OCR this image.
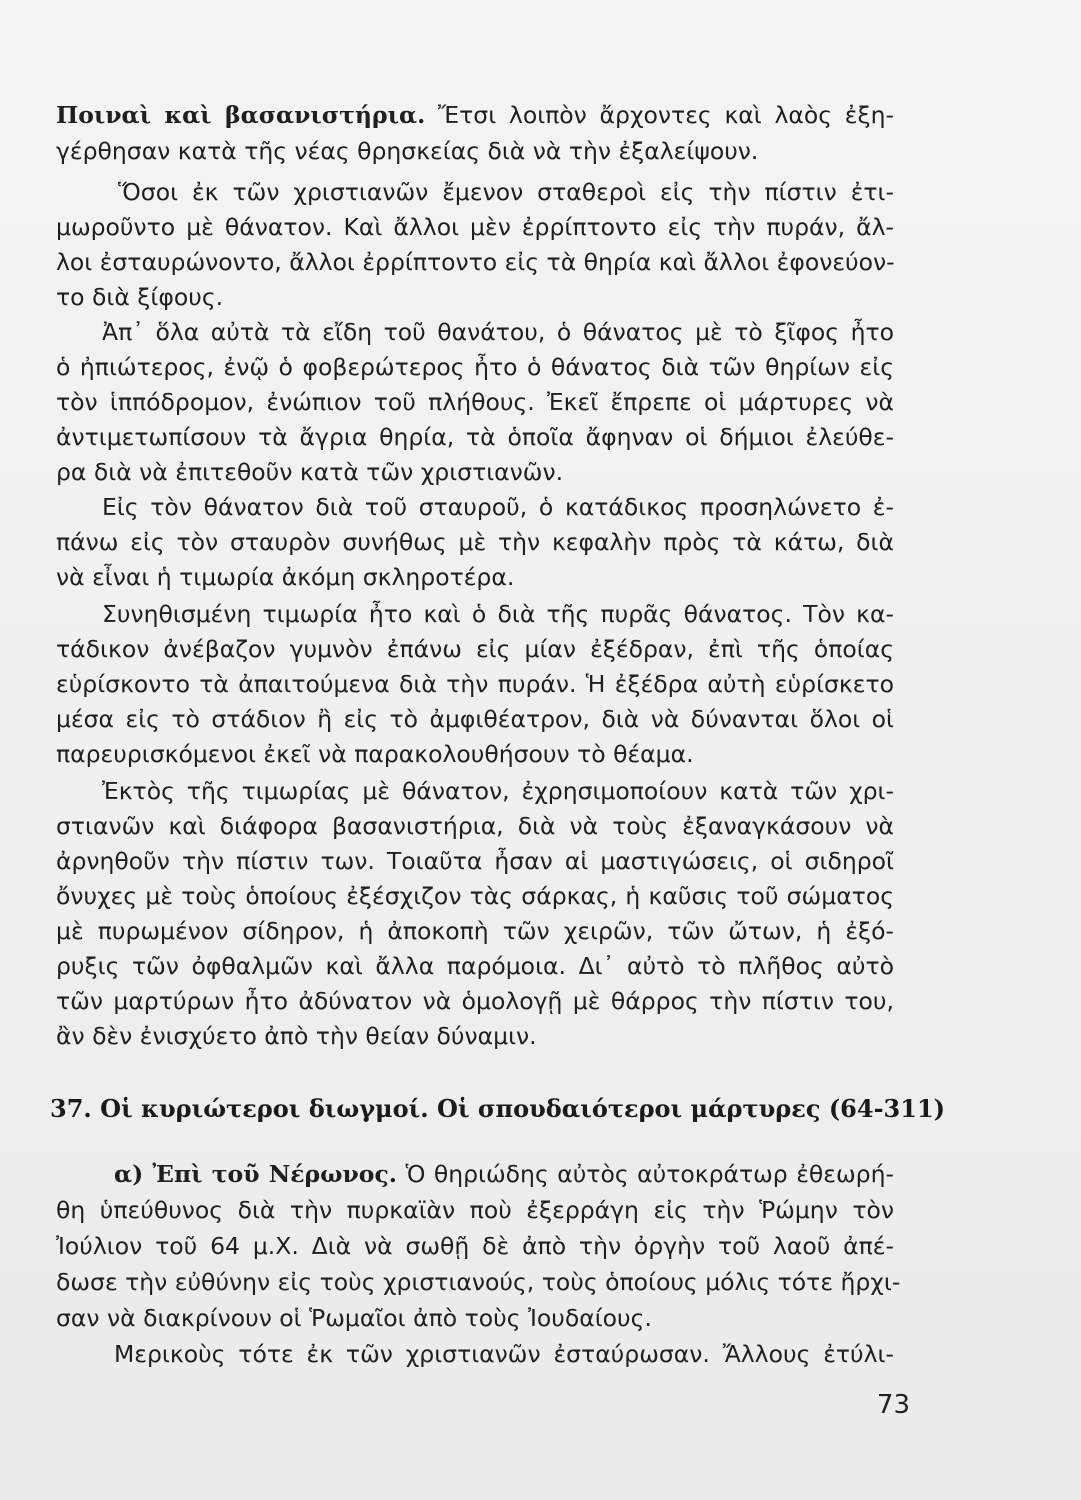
Ποιναὶ καὶ βασανιστήρια. Ἔτσι λοιπὸν ἄρχοντες καὶ λαὸς ἐξη-
γέρθησαν κατὰ τῆς νέας θρησκείας διὰ νὰ τὴν ἐξαλείψουν.
Ὅσοι ἐκ τῶν χριστιανῶν ἔμενον σταθεροὶ εἰς τὴν πίστιν ἐτι-
μωροῦντο μὲ θάνατον. Καὶ ἄλλοι μὲν ἐρρίπτοντο εἰς τὴν πυράν, ἄλ-
λοι ἐσταυρώνοντο, ἄλλοι ἐρρίπτοντο εἰς τὰ θηρία καὶ ἄλλοι ἐφονεύον-
το διὰ ξίφους.
Ἀπ᾿ ὅλα αὐτὰ τὰ εἴδη τοῦ θανάτου, ὁ θάνατος μὲ τὸ ξῖφος ἦτο
ὁ ἠπιώτερος, ἐνῷ ὁ φοβερώτερος ἦτο ὁ θάνατος διὰ τῶν θηρίων εἰς
τὸν ἱππόδρομον, ἐνώπιον τοῦ πλήθους. Ἐκεῖ ἔπρεπε οἱ μάρτυρες νὰ
ἀντιμετωπίσουν τὰ ἄγρια θηρία, τὰ ὁποῖα ἄφηναν οἱ δήμιοι ἐλεύθε-
ρα διὰ νὰ ἐπιτεθοῦν κατὰ τῶν χριστιανῶν.
Εἰς τὸν θάνατον διὰ τοῦ σταυροῦ, ὁ κατάδικος προσηλώνετο ἐ-
πάνω εἰς τὸν σταυρὸν συνήθως μὲ τὴν κεφαλὴν πρὸς τὰ κάτω, διὰ
νὰ εἶναι ἡ τιμωρία ἀκόμη σκληροτέρα.
Συνηθισμένη τιμωρία ἦτο καὶ ὁ διὰ τῆς πυρᾶς θάνατος. Τὸν κα-
τάδικον ἀνέβαζον γυμνὸν ἐπάνω εἰς μίαν ἐξέδραν, ἐπὶ τῆς ὁποίας
εὑρίσκοντο τὰ ἀπαιτούμενα διὰ τὴν πυράν. Ἡ ἐξέδρα αὐτὴ εὑρίσκετο
μέσα εἰς τὸ στάδιον ἢ εἰς τὸ ἀμφιθέατρον, διὰ νὰ δύνανται ὅλοι οἱ
παρευρισκόμενοι ἐκεῖ νὰ παρακολουθήσουν τὸ θέαμα.
Ἐκτὸς τῆς τιμωρίας μὲ θάνατον, ἐχρησιμοποίουν κατὰ τῶν χρι-
στιανῶν καὶ διάφορα βασανιστήρια, διὰ νὰ τοὺς ἐξαναγκάσουν νὰ
ἀρνηθοῦν τὴν πίστιν των. Τοιαῦτα ἦσαν αἱ μαστιγώσεις, οἱ σιδηροῖ
ὄνυχες μὲ τοὺς ὁποίους ἐξέσχιζον τὰς σάρκας, ἡ καῦσις τοῦ σώματος
μὲ πυρωμένον σίδηρον, ἡ ἀποκοπὴ τῶν χειρῶν, τῶν ὤτων, ἡ ἐξό-
ρυξις τῶν ὀφθαλμῶν καὶ ἄλλα παρόμοια. Δι᾿ αὐτὸ τὸ πλῆθος αὐτὸ
τῶν μαρτύρων ἦτο ἀδύνατον νὰ ὁμολογῇ μὲ θάρρος τὴν πίστιν του,
ἂν δὲν ἐνισχύετο ἀπὸ τὴν θείαν δύναμιν.
37. Οἱ κυριώτεροι διωγμοί. Οἱ σπουδαιότεροι μάρτυρες (64-311)
α) Ἐπὶ τοῦ Νέρωνος. Ὁ θηριώδης αὐτὸς αὐτοκράτωρ ἐθεωρή-
θη ὑπεύθυνος διὰ τὴν πυρκαϊὰν ποὺ ἐξερράγη εἰς τὴν Ῥώμην τὸν
Ἰούλιον τοῦ 64 μ.Χ. Διὰ νὰ σωθῇ δὲ ἀπὸ τὴν ὀργὴν τοῦ λαοῦ ἀπέ-
δωσε τὴν εὐθύνην εἰς τοὺς χριστιανούς, τοὺς ὁποίους μόλις τότε ἤρχι-
σαν νὰ διακρίνουν οἱ Ῥωμαῖοι ἀπὸ τοὺς Ἰουδαίους.
Μερικοὺς τότε ἐκ τῶν χριστιανῶν ἐσταύρωσαν. Ἄλλους ἐτύλι-
73
